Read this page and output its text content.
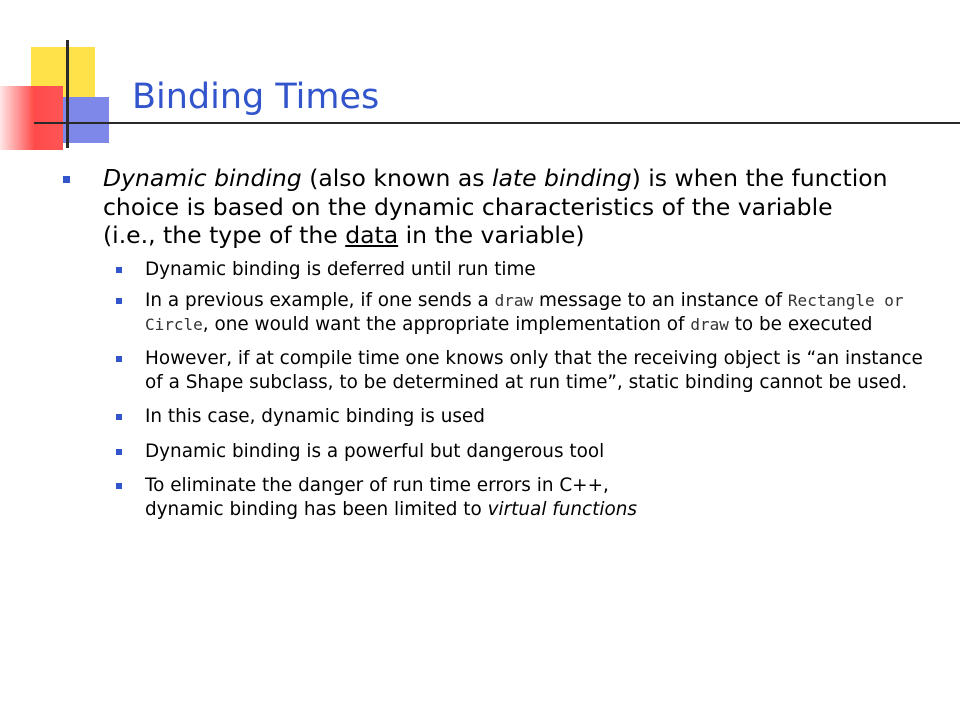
Binding Times
Dynamic binding (also known as late binding) is when the function choice is based on the dynamic characteristics of the variable
(i.e., the type of the data in the variable)
Dynamic binding is deferred until run time
In a previous example, if one sends a draw message to an instance of Rectangle or Circle, one would want the appropriate implementation of draw to be executed
However, if at compile time one knows only that the receiving object is “an instance of a Shape subclass, to be determined at run time”, static binding cannot be used.
In this case, dynamic binding is used
Dynamic binding is a powerful but dangerous tool
To eliminate the danger of run time errors in C++,
dynamic binding has been limited to virtual functions
